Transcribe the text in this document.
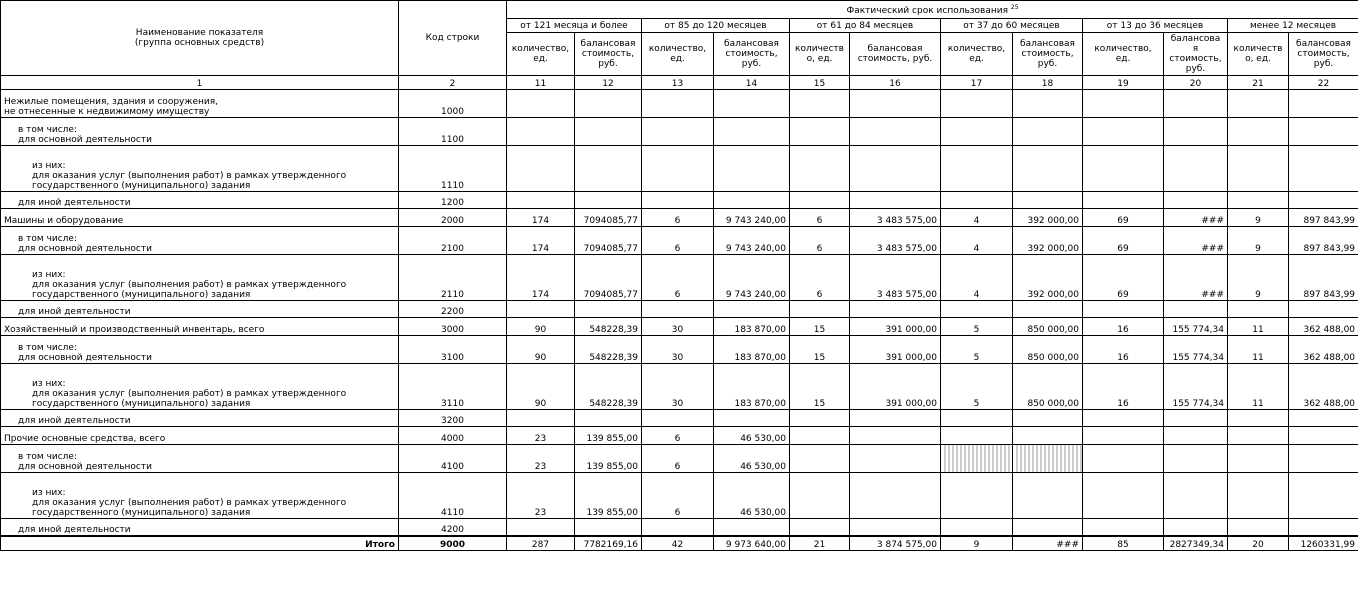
Наименование показателя
(группа основных средств)	Код строки	Фактический срок использования $^{25}$
		от 121 месяца и более		от 85 до 120 месяцев		от 61 до 84 месяцев		от 37 до 60 месяцев		от 13 до 36 месяцев		менее 12 месяцев	
		количество, ед.	балансовая стоимость, руб.	количество, ед.	балансовая стоимость, руб.	количеств о, ед.	балансовая стоимость, руб.	количество, ед.	балансовая стоимость, руб.	количество, ед.	балансова я стоимость, руб.	количеств о, ед.	балансовая стоимость, руб.
1	2	11	12	13	14	15	16	17	18	19	20	21	22
Нежилые помещения, здания и сооружения,
не отнесенные к недвижимому имуществу	1000												
в том числе:
для основной деятельности	1100												
из них:
для оказания услуг (выполнения работ) в рамках утвержденного
государственного (муниципального) задания	1110												
для иной деятельности	1200												
Машины и оборудование	2000	174	7094085,77	6	9 743 240,00	6	3 483 575,00	4	392 000,00	69	###	9	897 843,99
в том числе:
для основной деятельности	2100	174	7094085,77	6	9 743 240,00	6	3 483 575,00	4	392 000,00	69	###	9	897 843,99
из них:
для оказания услуг (выполнения работ) в рамках утвержденного
государственного (муниципального) задания	2110	174	7094085,77	6	9 743 240,00	6	3 483 575,00	4	392 000,00	69	###	9	897 843,99
для иной деятельности	2200												
Хозяйственный и производственный инвентарь, всего	3000	90	548228,39	30	183 870,00	15	391 000,00	5	850 000,00	16	155 774,34	11	362 488,00
в том числе:
для основной деятельности	3100	90	548228,39	30	183 870,00	15	391 000,00	5	850 000,00	16	155 774,34	11	362 488,00
из них:
для оказания услуг (выполнения работ) в рамках утвержденного
государственного (муниципального) задания	3110	90	548228,39	30	183 870,00	15	391 000,00	5	850 000,00	16	155 774,34	11	362 488,00
для иной деятельности	3200												
Прочие основные средства, всего	4000	23	139 855,00	6	46 530,00								
в том числе:
для основной деятельности	4100	23	139 855,00	6	46 530,00								
из них:
для оказания услуг (выполнения работ) в рамках утвержденного
государственного (муниципального) задания	4110	23	139 855,00	6	46 530,00								
для иной деятельности	4200												
Итого	9000	287	7782169,16	42	9 973 640,00	21	3 874 575,00	9	###	85	2827349,34	20	1260331,99
